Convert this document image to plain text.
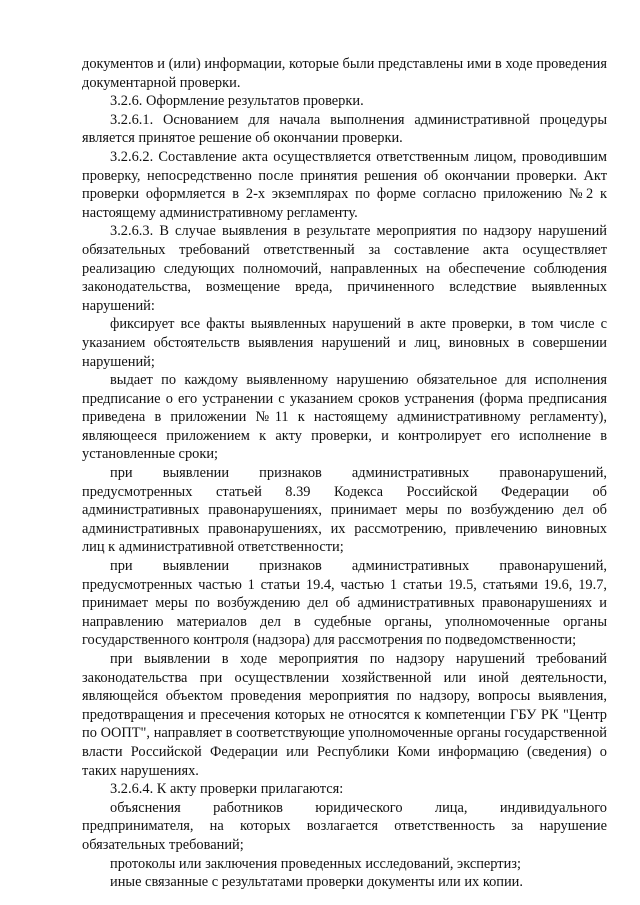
документов и (или) информации, которые были представлены ими в ходе проведения документарной проверки.

3.2.6. Оформление результатов проверки.

3.2.6.1. Основанием для начала выполнения административной процедуры является принятое решение об окончании проверки.

3.2.6.2. Составление акта осуществляется ответственным лицом, проводившим проверку, непосредственно после принятия решения об окончании проверки. Акт проверки оформляется в 2-х экземплярах по форме согласно приложению №2 к настоящему административному регламенту.

3.2.6.3. В случае выявления в результате мероприятия по надзору нарушений обязательных требований ответственный за составление акта осуществляет реализацию следующих полномочий, направленных на обеспечение соблюдения законодательства, возмещение вреда, причиненного вследствие выявленных нарушений:

фиксирует все факты выявленных нарушений в акте проверки, в том числе с указанием обстоятельств выявления нарушений и лиц, виновных в совершении нарушений;

выдает по каждому выявленному нарушению обязательное для исполнения предписание о его устранении с указанием сроков устранения (форма предписания приведена в приложении №11 к настоящему административному регламенту), являющееся приложением к акту проверки, и контролирует его исполнение в установленные сроки;

при выявлении признаков административных правонарушений, предусмотренных статьей 8.39 Кодекса Российской Федерации об административных правонарушениях, принимает меры по возбуждению дел об административных правонарушениях, их рассмотрению, привлечению виновных лиц к административной ответственности;

при выявлении признаков административных правонарушений, предусмотренных частью 1 статьи 19.4, частью 1 статьи 19.5, статьями 19.6, 19.7, принимает меры по возбуждению дел об административных правонарушениях и направлению материалов дел в судебные органы, уполномоченные органы государственного контроля (надзора) для рассмотрения по подведомственности;

при выявлении в ходе мероприятия по надзору нарушений требований законодательства при осуществлении хозяйственной или иной деятельности, являющейся объектом проведения мероприятия по надзору, вопросы выявления, предотвращения и пресечения которых не относятся к компетенции ГБУ РК "Центр по ООПТ", направляет в соответствующие уполномоченные органы государственной власти Российской Федерации или Республики Коми информацию (сведения) о таких нарушениях.

3.2.6.4. К акту проверки прилагаются:

объяснения работников юридического лица, индивидуального предпринимателя, на которых возлагается ответственность за нарушение обязательных требований;

протоколы или заключения проведенных исследований, экспертиз;

иные связанные с результатами проверки документы или их копии.
